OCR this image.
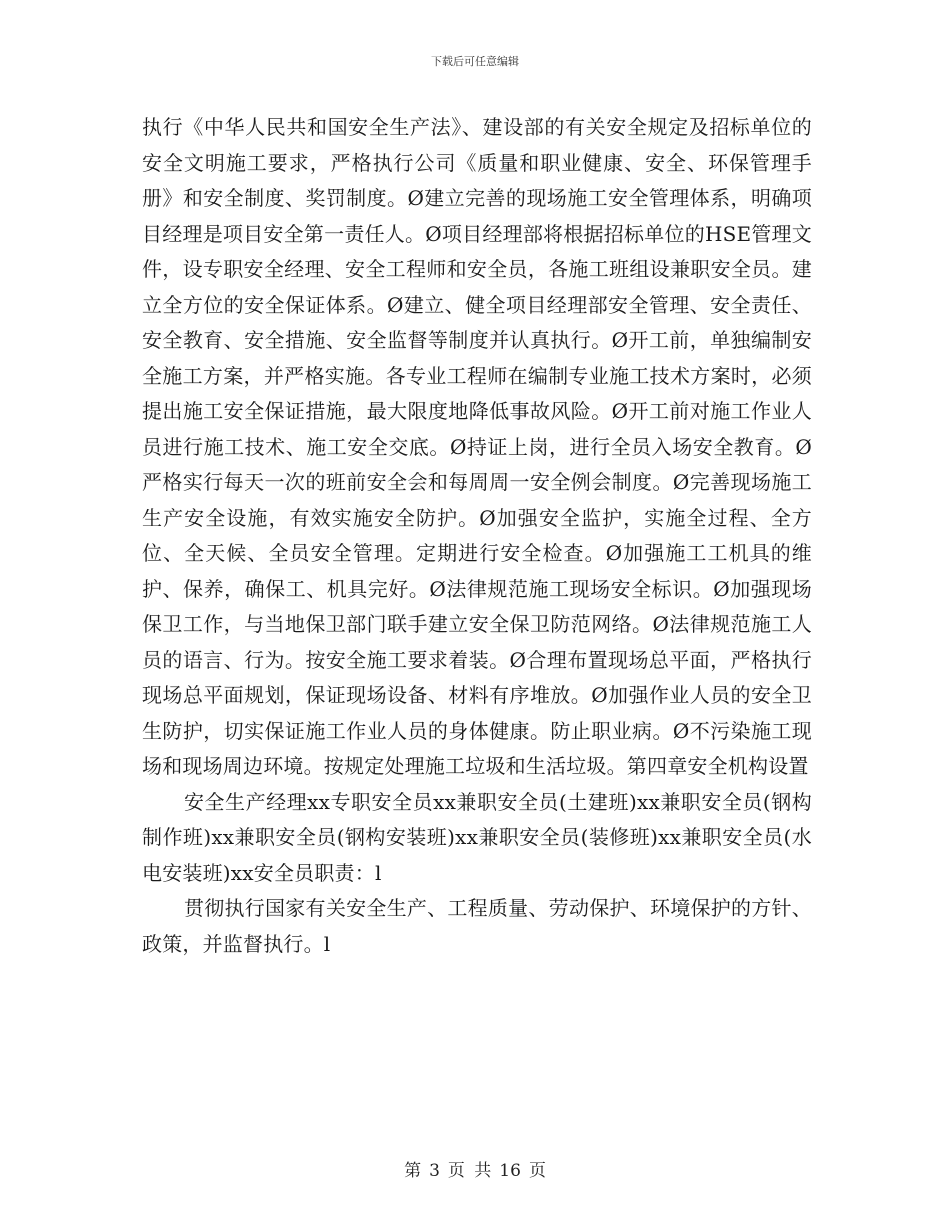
下载后可任意编辑

执行《中华人民共和国安全生产法》、建设部的有关安全规定及招标单位的安全文明施工要求，严格执行公司《质量和职业健康、安全、环保管理手册》和安全制度、奖罚制度。Ø建立完善的现场施工安全管理体系，明确项目经理是项目安全第一责任人。Ø项目经理部将根据招标单位的HSE管理文件，设专职安全经理、安全工程师和安全员，各施工班组设兼职安全员。建立全方位的安全保证体系。Ø建立、健全项目经理部安全管理、安全责任、安全教育、安全措施、安全监督等制度并认真执行。Ø开工前，单独编制安全施工方案，并严格实施。各专业工程师在编制专业施工技术方案时，必须提出施工安全保证措施，最大限度地降低事故风险。Ø开工前对施工作业人员进行施工技术、施工安全交底。Ø持证上岗，进行全员入场安全教育。Ø严格实行每天一次的班前安全会和每周周一安全例会制度。Ø完善现场施工生产安全设施，有效实施安全防护。Ø加强安全监护，实施全过程、全方位、全天候、全员安全管理。定期进行安全检查。Ø加强施工工机具的维护、保养，确保工、机具完好。Ø法律规范施工现场安全标识。Ø加强现场保卫工作，与当地保卫部门联手建立安全保卫防范网络。Ø法律规范施工人员的语言、行为。按安全施工要求着装。Ø合理布置现场总平面，严格执行现场总平面规划，保证现场设备、材料有序堆放。Ø加强作业人员的安全卫生防护，切实保证施工作业人员的身体健康。防止职业病。Ø不污染施工现场和现场周边环境。按规定处理施工垃圾和生活垃圾。第四章安全机构设置

安全生产经理xx专职安全员xx兼职安全员(土建班)xx兼职安全员(钢构制作班)xx兼职安全员(钢构安装班)xx兼职安全员(装修班)xx兼职安全员(水电安装班)xx安全员职责：l

贯彻执行国家有关安全生产、工程质量、劳动保护、环境保护的方针、政策，并监督执行。l

第 3 页 共 16 页
